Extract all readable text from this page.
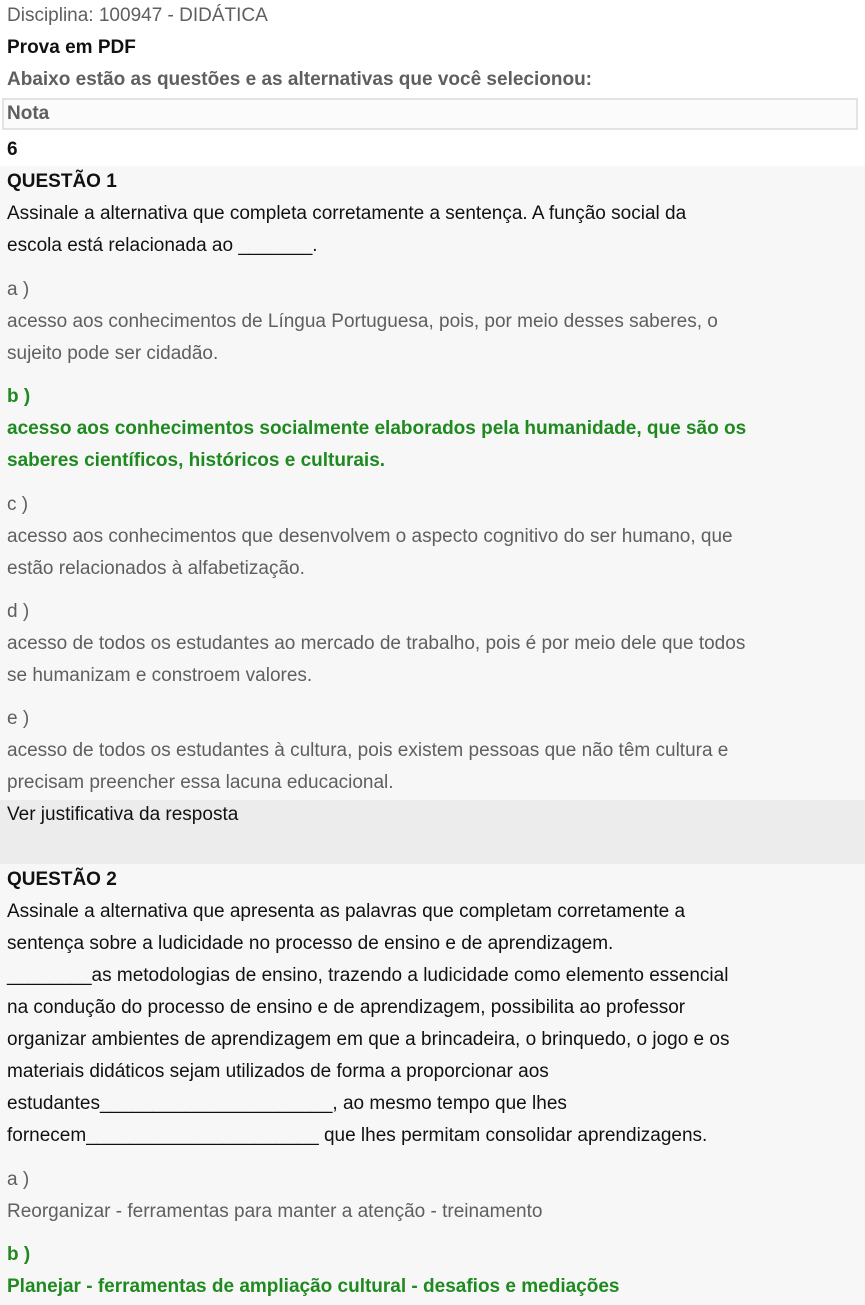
Disciplina: 100947 - DIDÁTICA
Prova em PDF
Abaixo estão as questões e as alternativas que você selecionou:
Nota
6
QUESTÃO 1
Assinale a alternativa que completa corretamente a sentença. A função social da
escola está relacionada ao _______.
a )
acesso aos conhecimentos de Língua Portuguesa, pois, por meio desses saberes, o
sujeito pode ser cidadão.
b )
acesso aos conhecimentos socialmente elaborados pela humanidade, que são os
saberes científicos, históricos e culturais.
c )
acesso aos conhecimentos que desenvolvem o aspecto cognitivo do ser humano, que
estão relacionados à alfabetização.
d )
acesso de todos os estudantes ao mercado de trabalho, pois é por meio dele que todos
se humanizam e constroem valores.
e )
acesso de todos os estudantes à cultura, pois existem pessoas que não têm cultura e
precisam preencher essa lacuna educacional.
Ver justificativa da resposta
QUESTÃO 2
Assinale a alternativa que apresenta as palavras que completam corretamente a
sentença sobre a ludicidade no processo de ensino e de aprendizagem.
________as metodologias de ensino, trazendo a ludicidade como elemento essencial
na condução do processo de ensino e de aprendizagem, possibilita ao professor
organizar ambientes de aprendizagem em que a brincadeira, o brinquedo, o jogo e os
materiais didáticos sejam utilizados de forma a proporcionar aos
estudantes______________________, ao mesmo tempo que lhes
fornecem______________________ que lhes permitam consolidar aprendizagens.
a )
Reorganizar - ferramentas para manter a atenção - treinamento
b )
Planejar - ferramentas de ampliação cultural - desafios e mediações
